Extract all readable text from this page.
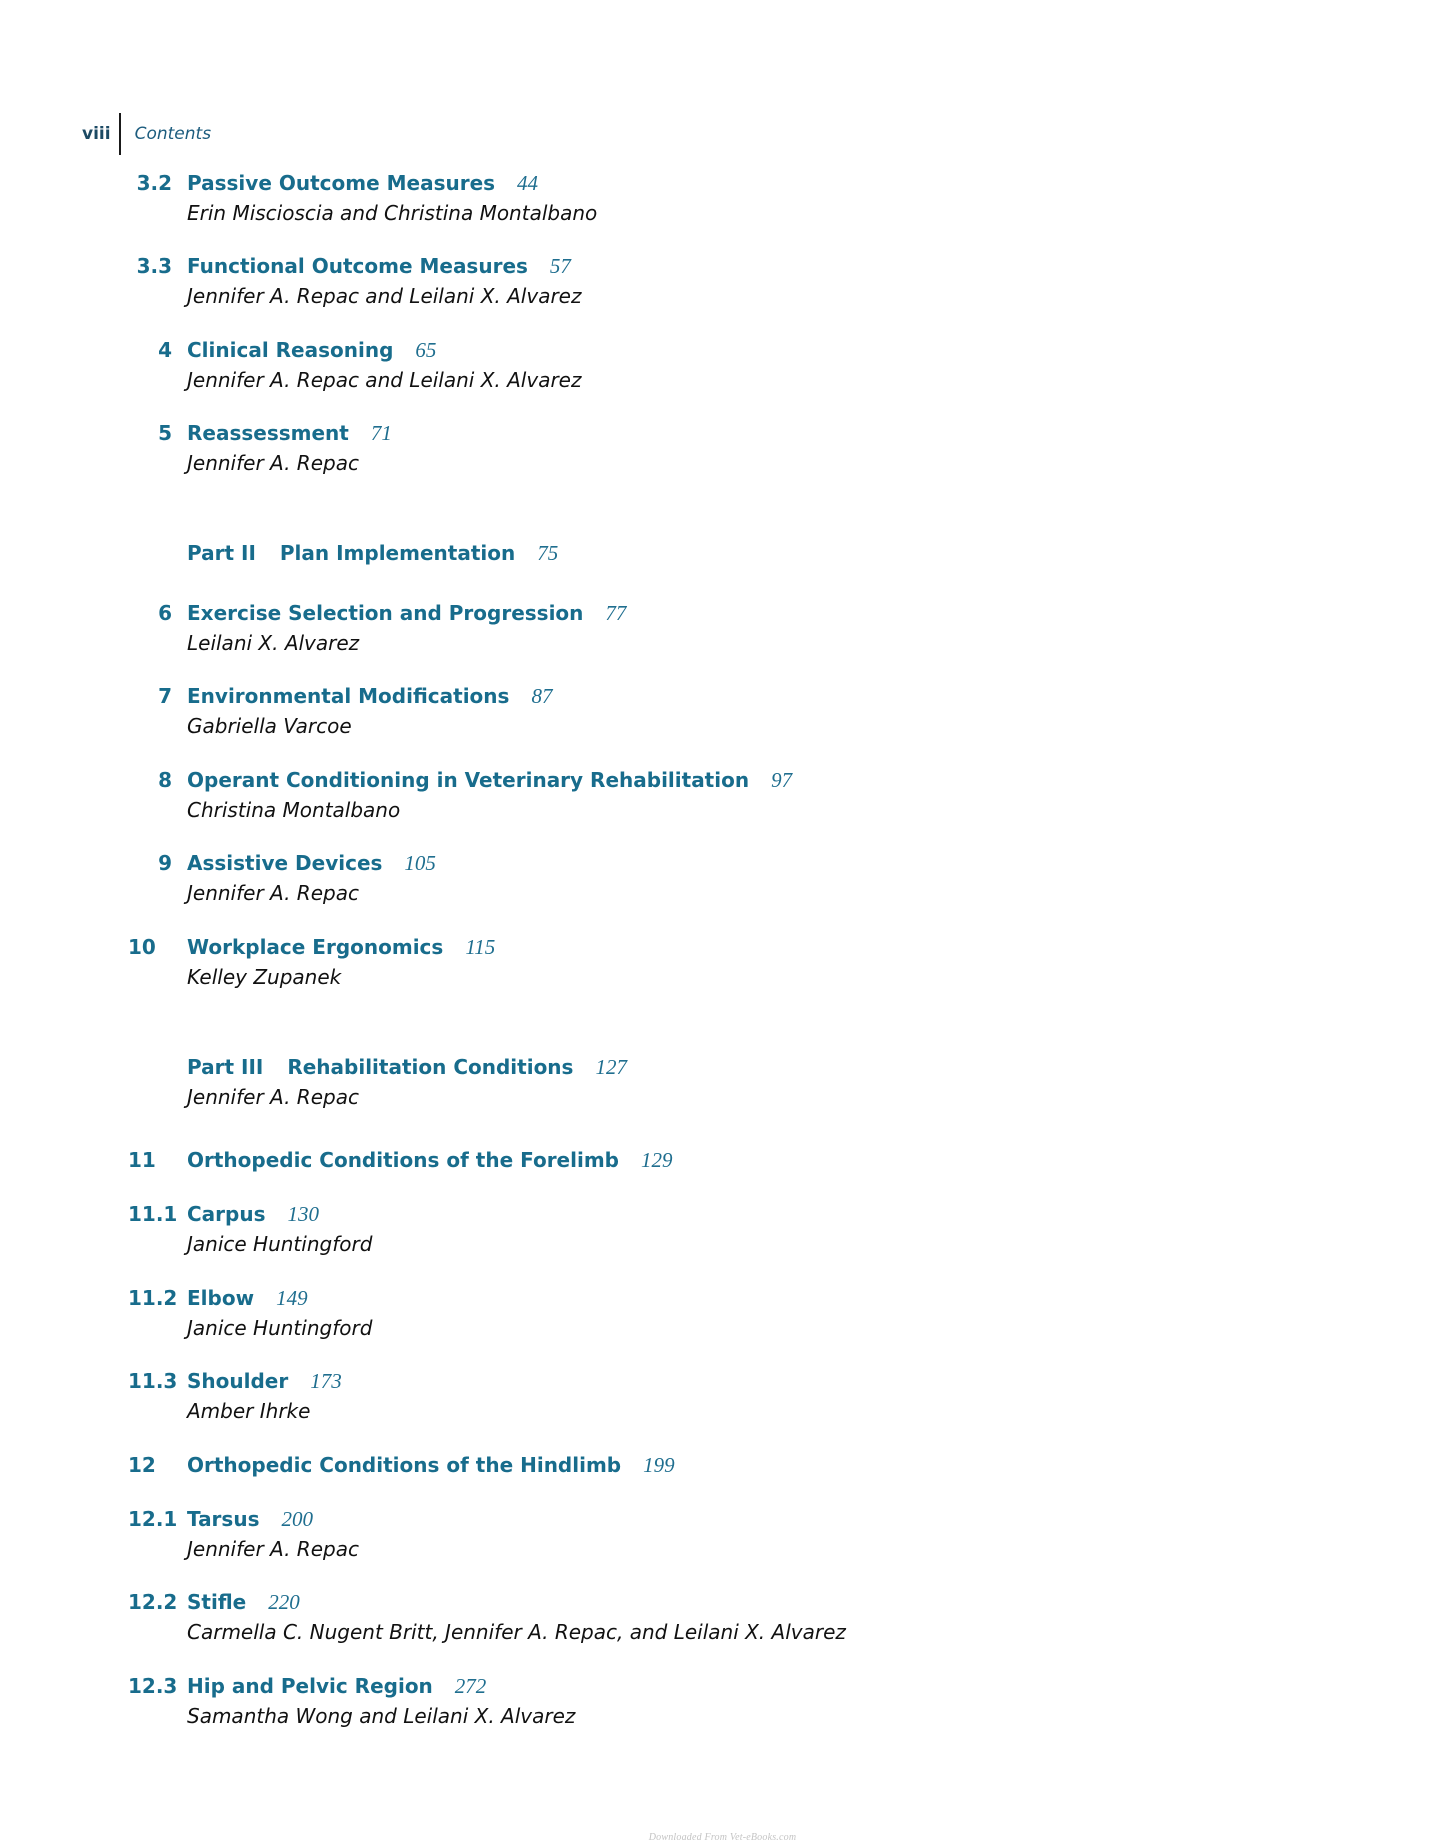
viii	Contents
3.2 Passive Outcome Measures 44
Erin Miscioscia and Christina Montalbano
3.3 Functional Outcome Measures 57
Jennifer A. Repac and Leilani X. Alvarez
4 Clinical Reasoning 65
Jennifer A. Repac and Leilani X. Alvarez
5 Reassessment 71
Jennifer A. Repac
Part II Plan Implementation 75
6 Exercise Selection and Progression 77
Leilani X. Alvarez
7 Environmental Modifications 87
Gabriella Varcoe
8 Operant Conditioning in Veterinary Rehabilitation 97
Christina Montalbano
9 Assistive Devices 105
Jennifer A. Repac
10	Workplace Ergonomics 115
Kelley Zupanek
Part III Rehabilitation Conditions 127
Jennifer A. Repac
11	Orthopedic Conditions of the Forelimb 129
11.1 Carpus 130
Janice Huntingford
11.2 Elbow 149
Janice Huntingford
11.3 Shoulder 173
Amber Ihrke
12	Orthopedic Conditions of the Hindlimb 199
12.1 Tarsus 200
Jennifer A. Repac
12.2 Stifle 220
Carmella C. Nugent Britt, Jennifer A. Repac, and Leilani X. Alvarez
12.3 Hip and Pelvic Region 272
Samantha Wong and Leilani X. Alvarez
Downloaded From Vet-eBooks.com
